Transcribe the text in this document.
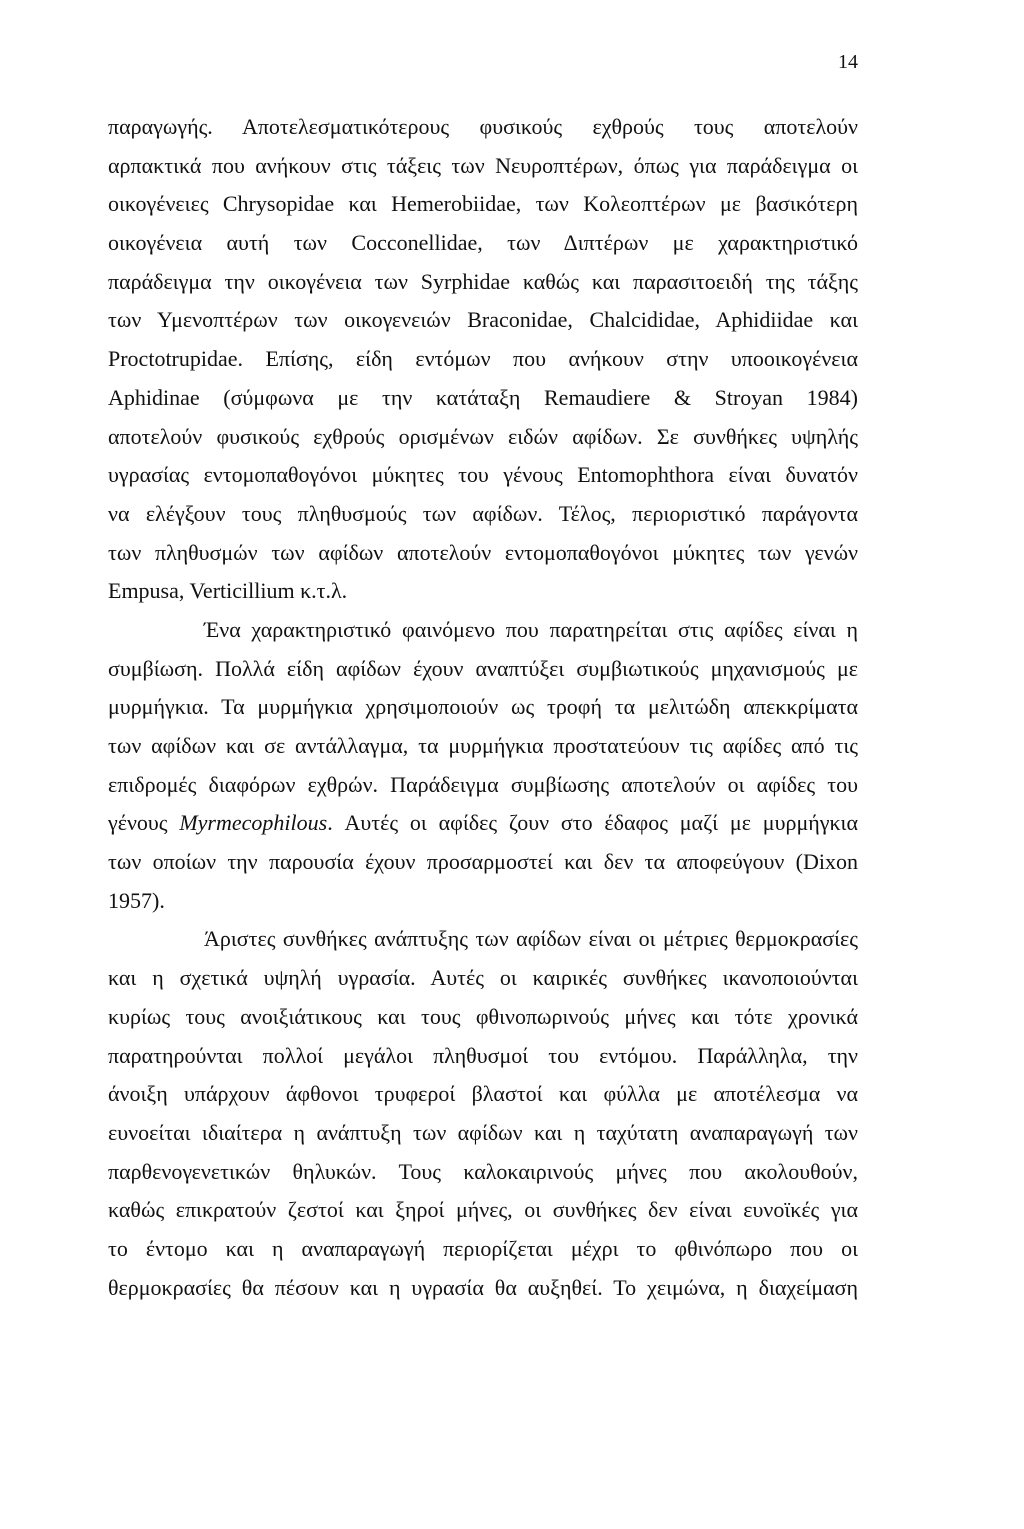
14
παραγωγής. Αποτελεσματικότερους φυσικούς εχθρούς τους αποτελούν
αρπακτικά που ανήκουν στις τάξεις των Νευροπτέρων, όπως για παράδειγμα οι
οικογένειες Chrysopidae και Hemerobiidae, των Κολεοπτέρων με βασικότερη
οικογένεια αυτή των Cocconellidae, των Διπτέρων με χαρακτηριστικό
παράδειγμα την οικογένεια των Syrphidae καθώς και παρασιτοειδή της τάξης
των Υμενοπτέρων των οικογενειών Braconidae, Chalcididae, Aphidiidae και
Proctotrupidae. Επίσης, είδη εντόμων που ανήκουν στην υποοικογένεια
Aphidinae (σύμφωνα με την κατάταξη Remaudiere & Stroyan 1984)
αποτελούν φυσικούς εχθρούς ορισμένων ειδών αφίδων. Σε συνθήκες υψηλής
υγρασίας εντομοπαθογόνοι μύκητες του γένους Entomophthora είναι δυνατόν
να ελέγξουν τους πληθυσμούς των αφίδων. Τέλος, περιοριστικό παράγοντα
των πληθυσμών των αφίδων αποτελούν εντομοπαθογόνοι μύκητες των γενών
Empusa, Verticillium κ.τ.λ.
Ένα χαρακτηριστικό φαινόμενο που παρατηρείται στις αφίδες είναι η
συμβίωση. Πολλά είδη αφίδων έχουν αναπτύξει συμβιωτικούς μηχανισμούς με
μυρμήγκια. Τα μυρμήγκια χρησιμοποιούν ως τροφή τα μελιτώδη απεκκρίματα
των αφίδων και σε αντάλλαγμα, τα μυρμήγκια προστατεύουν τις αφίδες από τις
επιδρομές διαφόρων εχθρών. Παράδειγμα συμβίωσης αποτελούν οι αφίδες του
γένους Myrmecophilous. Αυτές οι αφίδες ζουν στο έδαφος μαζί με μυρμήγκια
των οποίων την παρουσία έχουν προσαρμοστεί και δεν τα αποφεύγουν (Dixon
1957).
Άριστες συνθήκες ανάπτυξης των αφίδων είναι οι μέτριες θερμοκρασίες
και η σχετικά υψηλή υγρασία. Αυτές οι καιρικές συνθήκες ικανοποιούνται
κυρίως τους ανοιξιάτικους και τους φθινοπωρινούς μήνες και τότε χρονικά
παρατηρούνται πολλοί μεγάλοι πληθυσμοί του εντόμου. Παράλληλα, την
άνοιξη υπάρχουν άφθονοι τρυφεροί βλαστοί και φύλλα με αποτέλεσμα να
ευνοείται ιδιαίτερα η ανάπτυξη των αφίδων και η ταχύτατη αναπαραγωγή των
παρθενογενετικών θηλυκών. Τους καλοκαιρινούς μήνες που ακολουθούν,
καθώς επικρατούν ζεστοί και ξηροί μήνες, οι συνθήκες δεν είναι ευνοϊκές για
το έντομο και η αναπαραγωγή περιορίζεται μέχρι το φθινόπωρο που οι
θερμοκρασίες θα πέσουν και η υγρασία θα αυξηθεί. Το χειμώνα, η διαχείμαση
